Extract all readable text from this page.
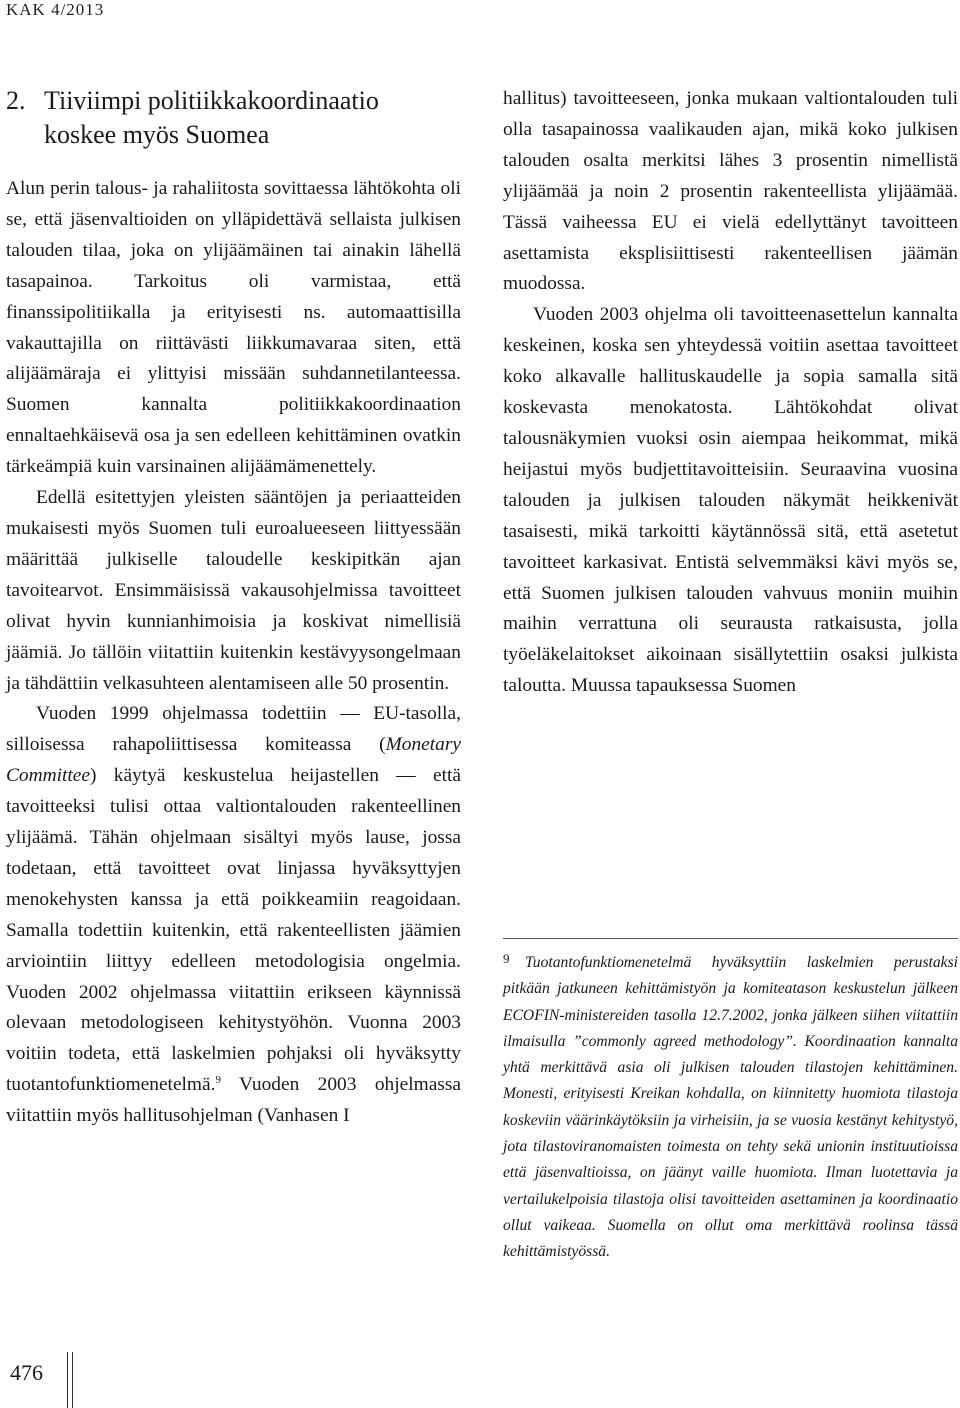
KAK 4/2013
2. Tiiviimpi politiikkakoordinaatio
koskee myös Suomea

Alun perin talous- ja rahaliitosta sovittaessa lähtökohta oli se, että jäsenvaltioiden on ylläpidettävä sellaista julkisen talouden tilaa, joka on ylijäämäinen tai ainakin lähellä tasapainoa. Tarkoitus oli varmistaa, että finanssipolitiikalla ja erityisesti ns. automaattisilla vakauttajilla on riittävästi liikkumavaraa siten, että alijäämäraja ei ylittyisi missään suhdannetilanteessa. Suomen kannalta politiikkakoordinaation ennaltaehkäisevä osa ja sen edelleen kehittäminen ovatkin tärkeämpiä kuin varsinainen alijäämämenettely.

Edellä esitettyjen yleisten sääntöjen ja periaatteiden mukaisesti myös Suomen tuli euroalueeseen liittyessään määrittää julkiselle taloudelle keskipitkän ajan tavoitearvot. Ensimmäisissä vakausohjelmissa tavoitteet olivat hyvin kunnianhimoisia ja koskivat nimellisiä jäämiä. Jo tällöin viitattiin kuitenkin kestävyysongelmaan ja tähdättiin velkasuhteen alentamiseen alle 50 prosentin.

Vuoden 1999 ohjelmassa todettiin — EU-tasolla, silloisessa rahapoliittisessa komiteassa (Monetary Committee) käytyä keskustelua heijastellen — että tavoitteeksi tulisi ottaa valtiontalouden rakenteellinen ylijäämä. Tähän ohjelmaan sisältyi myös lause, jossa todetaan, että tavoitteet ovat linjassa hyväksyttyjen menokehysten kanssa ja että poikkeamiin reagoidaan. Samalla todettiin kuitenkin, että rakenteellisten jäämien arviointiin liittyy edelleen metodologisia ongelmia. Vuoden 2002 ohjelmassa viitattiin erikseen käynnissä olevaan metodologiseen kehitystyöhön. Vuonna 2003 voitiin todeta, että laskelmien pohjaksi oli hyväksytty tuotantofunktiomenetelmä.$^9$ Vuoden 2003 ohjelmassa viitattiin myös hallitusohjelman (Vanhasen I

hallitus) tavoitteeseen, jonka mukaan valtiontalouden tuli olla tasapainossa vaalikauden ajan, mikä koko julkisen talouden osalta merkitsi lähes 3 prosentin nimellistä ylijäämää ja noin 2 prosentin rakenteellista ylijäämää. Tässä vaiheessa EU ei vielä edellyttänyt tavoitteen asettamista eksplisiittisesti rakenteellisen jäämän muodossa.

Vuoden 2003 ohjelma oli tavoitteenasettelun kannalta keskeinen, koska sen yhteydessä voitiin asettaa tavoitteet koko alkavalle hallituskaudelle ja sopia samalla sitä koskevasta menokatosta. Lähtökohdat olivat talousnäkymien vuoksi osin aiempaa heikommat, mikä heijastui myös budjettitavoitteisiin. Seuraavina vuosina talouden ja julkisen talouden näkymät heikkenivät tasaisesti, mikä tarkoitti käytännössä sitä, että asetetut tavoitteet karkasivat. Entistä selvemmäksi kävi myös se, että Suomen julkisen talouden vahvuus moniin muihin maihin verrattuna oli seurausta ratkaisusta, jolla työeläkelaitokset aikoinaan sisällytettiin osaksi julkista taloutta. Muussa tapauksessa Suomen

9 Tuotantofunktiomenetelmä hyväksyttiin laskelmien perustaksi pitkään jatkuneen kehittämistyön ja komiteatason keskustelun jälkeen ECOFIN-ministereiden tasolla 12.7.2002, jonka jälkeen siihen viitattiin ilmaisulla ”commonly agreed methodology”. Koordinaation kannalta yhtä merkittävä asia oli julkisen talouden tilastojen kehittäminen. Monesti, erityisesti Kreikan kohdalla, on kiinnitetty huomiota tilastoja koskeviin väärinkäytöksiin ja virheisiin, ja se vuosia kestänyt kehitystyö, jota tilastoviranomaisten toimesta on tehty sekä unionin instituutioissa että jäsenvaltioissa, on jäänyt vaille huomiota. Ilman luotettavia ja vertailukelpoisia tilastoja olisi tavoitteiden asettaminen ja koordinaatio ollut vaikeaa. Suomella on ollut oma merkittävä roolinsa tässä kehittämistyössä.
476
